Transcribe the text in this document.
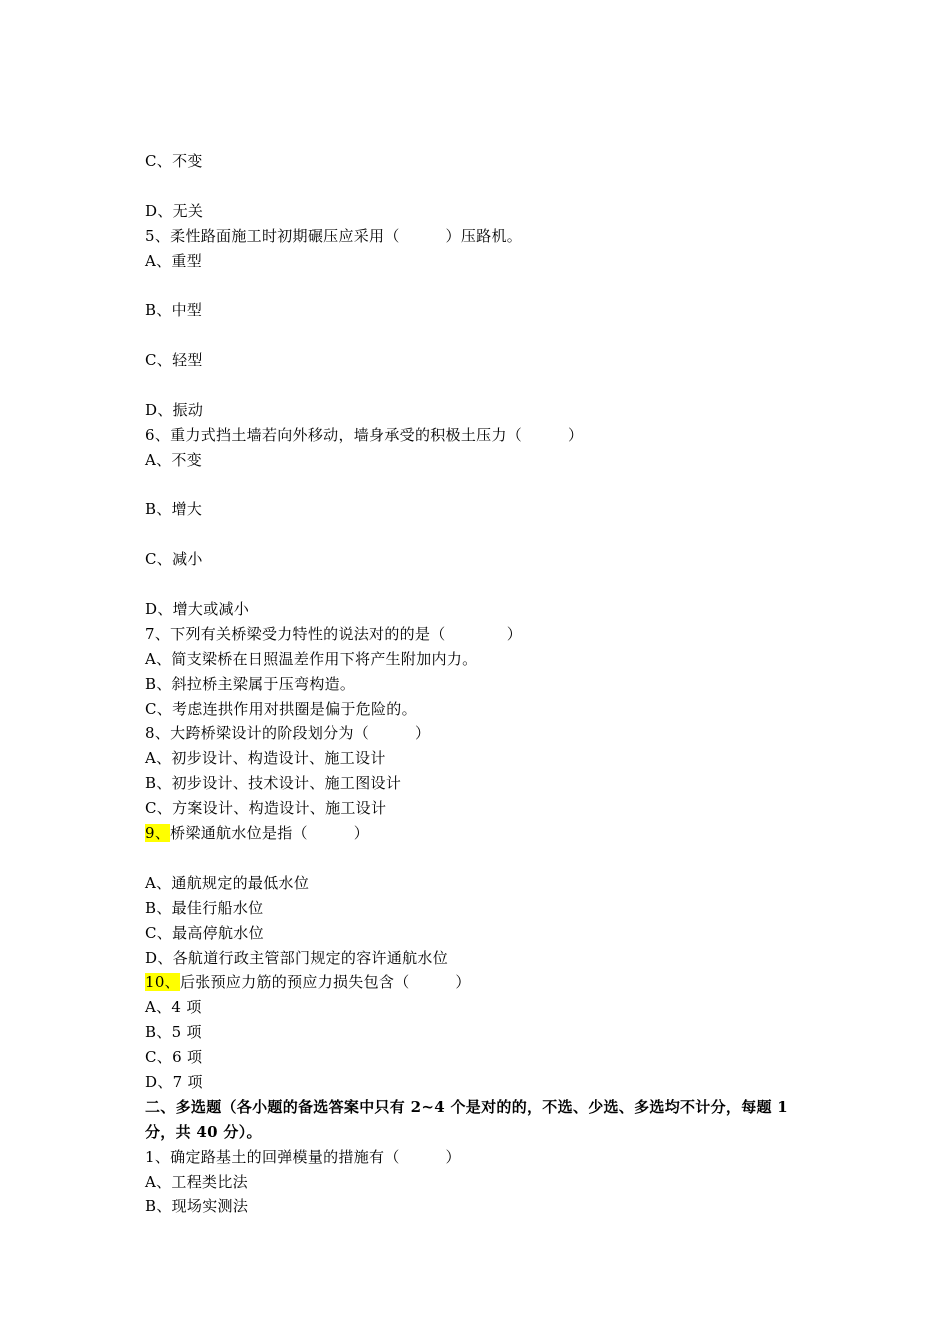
C、不变
D、无关
5、柔性路面施工时初期碾压应采用（　　　）压路机。
A、重型
B、中型
C、轻型
D、振动
6、重力式挡土墙若向外移动，墙身承受的积极土压力（　　　）
A、不变
B、增大
C、减小
D、增大或减小
7、下列有关桥梁受力特性的说法对的的是（　　　　）
A、简支梁桥在日照温差作用下将产生附加内力。
B、斜拉桥主梁属于压弯构造。
C、考虑连拱作用对拱圈是偏于危险的。
8、大跨桥梁设计的阶段划分为（　　　）
A、初步设计、构造设计、施工设计
B、初步设计、技术设计、施工图设计
C、方案设计、构造设计、施工设计
9、桥梁通航水位是指（　　　）
A、通航规定的最低水位
B、最佳行船水位
C、最高停航水位
D、各航道行政主管部门规定的容许通航水位
10、后张预应力筋的预应力损失包含（　　　）
A、4 项
B、5 项
C、6 项
D、7 项
二、多选题（各小题的备选答案中只有 2~4 个是对的的，不选、少选、多选均不计分，每题 1 分，共 40 分）。
1、确定路基土的回弹模量的措施有（　　　）
A、工程类比法
B、现场实测法
